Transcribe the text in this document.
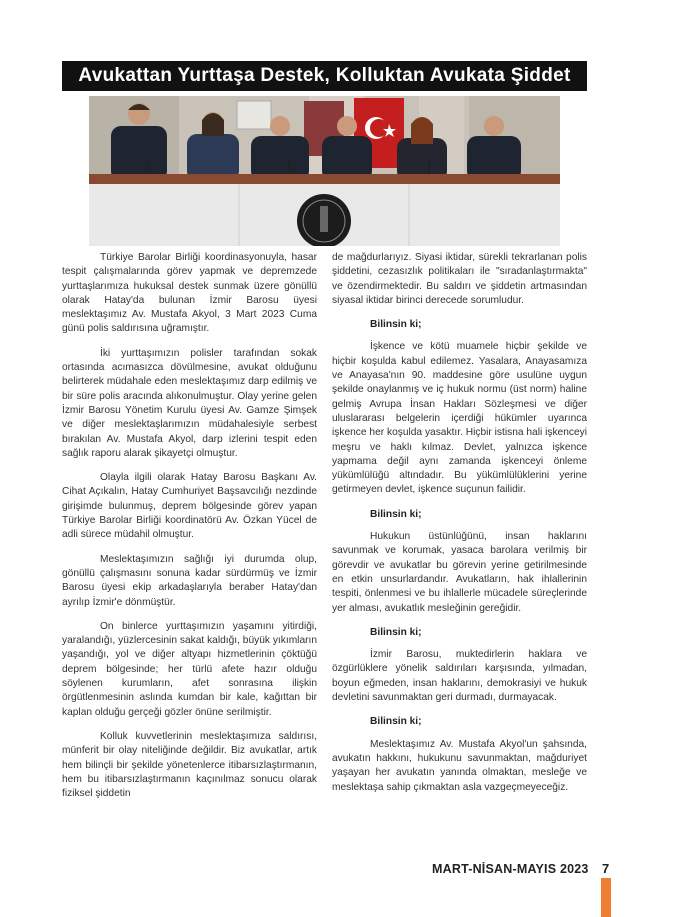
Avukattan Yurttaşa Destek, Kolluktan Avukata Şiddet

Türkiye Barolar Birliği koordinasyonuyla, hasar tespit çalışmalarında görev yapmak ve depremzede yurttaşlarımıza hukuksal destek sunmak üzere gönüllü olarak Hatay'da bulunan İzmir Barosu üyesi meslektaşımız Av. Mustafa Akyol, 3 Mart 2023 Cuma günü polis saldırısına uğramıştır.

İki yurttaşımızın polisler tarafından sokak ortasında acımasızca dövülmesine, avukat olduğunu belirterek müdahale eden meslektaşımız darp edilmiş ve bir süre polis aracında alıkonulmuştur. Olay yerine gelen İzmir Barosu Yönetim Kurulu üyesi Av. Gamze Şimşek ve diğer meslektaşlarımızın müdahalesiyle serbest bırakılan Av. Mustafa Akyol, darp izlerini tespit eden sağlık raporu alarak şikayetçi olmuştur.

Olayla ilgili olarak Hatay Barosu Başkanı Av. Cihat Açıkalın, Hatay Cumhuriyet Başsavcılığı nezdinde girişimde bulunmuş, deprem bölgesinde görev yapan Türkiye Barolar Birliği koordinatörü Av. Özkan Yücel de adli sürece müdahil olmuştur.

Meslektaşımızın sağlığı iyi durumda olup, gönüllü çalışmasını sonuna kadar sürdürmüş ve İzmir Barosu üyesi ekip arkadaşlarıyla beraber Hatay'dan ayrılıp İzmir'e dönmüştür.

On binlerce yurttaşımızın yaşamını yitirdiği, yaralandığı, yüzlercesinin sakat kaldığı, büyük yıkımların yaşandığı, yol ve diğer altyapı hizmetlerinin çöktüğü deprem bölgesinde; her türlü afete hazır olduğu söylenen kurumların, afet sonrasına ilişkin örgütlenmesinin aslında kumdan bir kale, kağıttan bir kaplan olduğu gerçeği gözler önüne serilmiştir.

Kolluk kuvvetlerinin meslektaşımıza saldırısı, münferit bir olay niteliğinde değildir. Biz avukatlar, artık hem bilinçli bir şekilde yönetenlerce itibarsızlaştırmanın, hem bu itibarsızlaştırmanın kaçınılmaz sonucu olarak fiziksel şiddetin

de mağdurlarıyız. Siyasi iktidar, sürekli tekrarlanan polis şiddetini, cezasızlık politikaları ile "sıradanlaştırmakta" ve özendirmektedir. Bu saldırı ve şiddetin artmasından siyasal iktidar birinci derecede sorumludur.

Bilinsin ki;

İşkence ve kötü muamele hiçbir şekilde ve hiçbir koşulda kabul edilemez. Yasalara, Anayasamıza ve Anayasa'nın 90. maddesine göre usulüne uygun şekilde onaylanmış ve iç hukuk normu (üst norm) haline gelmiş Avrupa İnsan Hakları Sözleşmesi ve diğer uluslararası belgelerin içerdiği hükümler uyarınca işkence her koşulda yasaktır. Hiçbir istisna hali işkenceyi meşru ve haklı kılmaz. Devlet, yalnızca işkence yapmama değil aynı zamanda işkenceyi önleme yükümlülüğü altındadır. Bu yükümlülüklerini yerine getirmeyen devlet, işkence suçunun failidir.

Bilinsin ki;

Hukukun üstünlüğünü, insan haklarını savunmak ve korumak, yasaca barolara verilmiş bir görevdir ve avukatlar bu görevin yerine getirilmesinde en etkin unsurlardandır. Avukatların, hak ihlallerinin tespiti, önlenmesi ve bu ihlallerle mücadele süreçlerinde yer alması, avukatlık mesleğinin gereğidir.

Bilinsin ki;

İzmir Barosu, muktedirlerin haklara ve özgürlüklere yönelik saldırıları karşısında, yılmadan, boyun eğmeden, insan haklarını, demokrasiyi ve hukuk devletini savunmaktan geri durmadı, durmayacak.

Bilinsin ki;

Meslektaşımız Av. Mustafa Akyol'un şahsında, avukatın hakkını, hukukunu savunmaktan, mağduriyet yaşayan her avukatın yanında olmaktan, mesleğe ve meslektaşa sahip çıkmaktan asla vazgeçmeyeceğiz.

MART-NİSAN-MAYIS 2023 7
